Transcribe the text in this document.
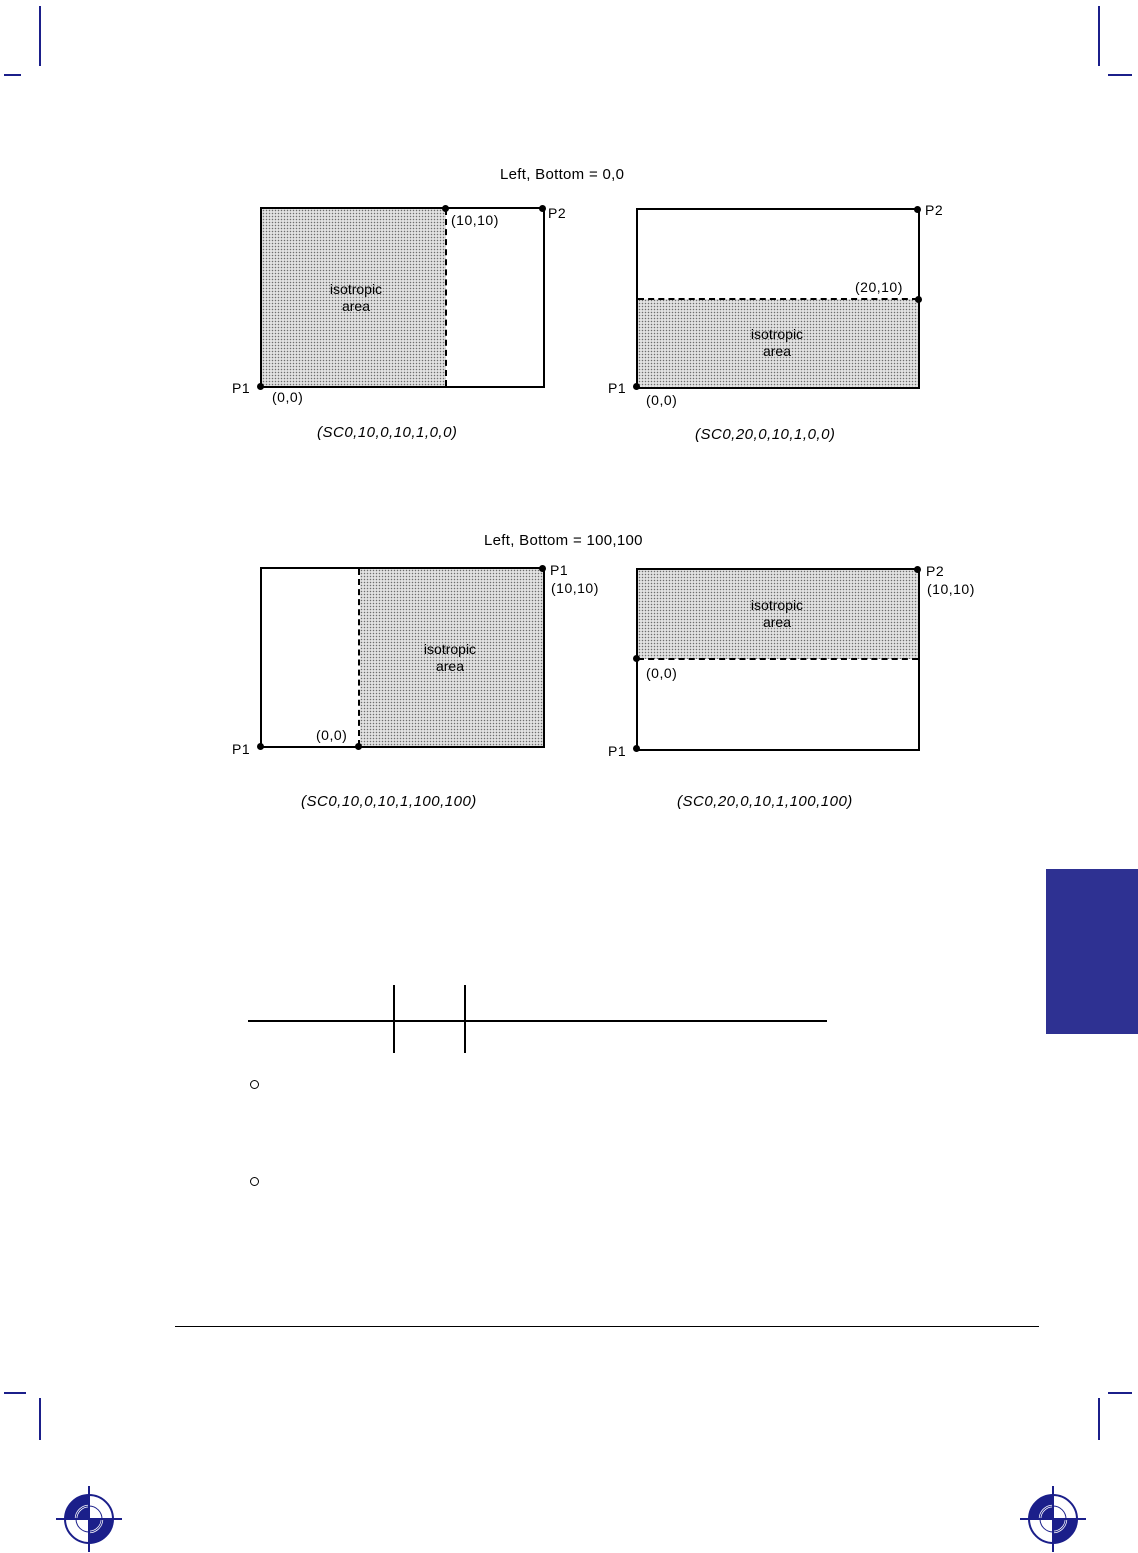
Left, Bottom = 0,0
P1
P2
(0,0)
(10,10)
isotropic
area
(SC0,10,0,10,1,0,0)
P1
P2
(0,0)
(20,10)
isotropic
area
(SC0,20,0,10,1,0,0)
Left, Bottom = 100,100
P1
P1
(10,10)
(0,0)
isotropic
area
(SC0,10,0,10,1,100,100)
P1
P2
(10,10)
(0,0)
isotropic
area
(SC0,20,0,10,1,100,100)
